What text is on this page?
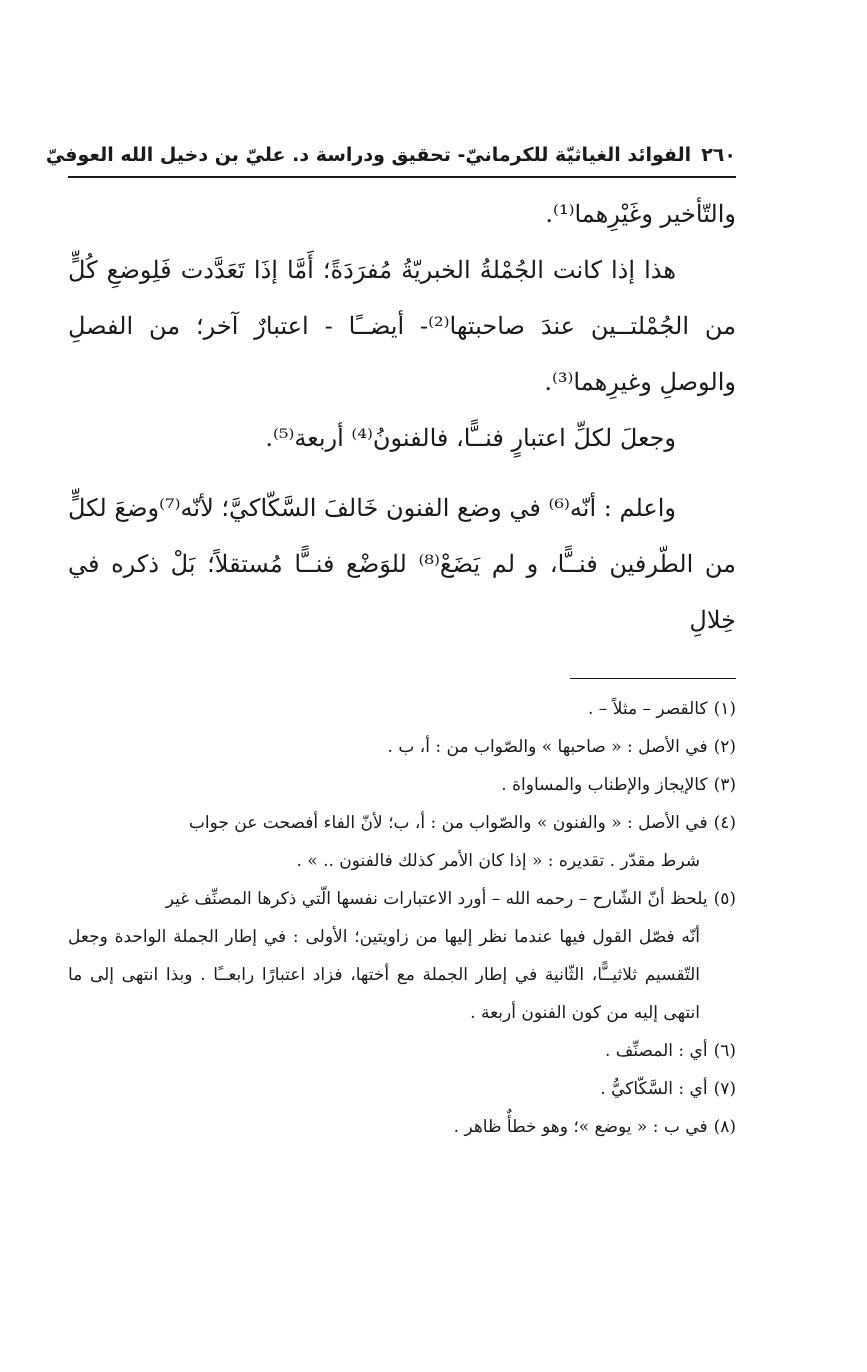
٢٦٠
الفوائد الغياثيّة للكرمانيّ- تحقيق ودراسة د. عليّ بن دخيل الله العوفيّ

والتّأخير وغَيْرِهما⁽¹⁾.

هذا إذا كانت الجُمْلةُ الخبريّةُ مُفرَدَةً؛ أَمَّا إذَا تَعَدَّدت فَلِوضعِ كُلٍّ من الجُمْلتــين عندَ صاحبتها⁽²⁾- أيضــًا - اعتبارٌ آخر؛ من الفصلِ والوصلِ وغيرِهما⁽³⁾.

وجعلَ لكلِّ اعتبارٍ فنــًّا، فالفنونُ⁽⁴⁾ أربعة⁽⁵⁾.

واعلم : أنّه⁽⁶⁾ في وضع الفنون خَالفَ السَّكّاكيَّ؛ لأنّه⁽⁷⁾وضعَ لكلٍّ من الطّرفين فنــًّا، و لم يَضَعْ⁽⁸⁾ للوَضْع فنــًّا مُستقلاً؛ بَلْ ذكره في خِلالِ

(١)كالقصر – مثلاً – .

(٢)في الأصل : « صاحبها » والصّواب من : أ، ب .

(٣)كالإيجاز والإطناب والمساواة .

(٤)في الأصل : « والفنون » والصّواب من : أ، ب؛ لأنّ الفاء أفصحت عن جواب

شرط مقدّر . تقديره : « إذا كان الأمر كذلك فالفنون .. » .

(٥)يلحظ أنّ الشّارح – رحمه الله – أورد الاعتبارات نفسها الّتي ذكرها المصنِّف غير

أنّه فصّل القول فيها عندما نظر إليها من زاويتين؛ الأولى : في إطار الجملة الواحدة وجعل التّقسيم ثلاثيــًّا، الثّانية في إطار الجملة مع أختها، فزاد اعتبارًا رابعــًا . وبذا انتهى إلى ما انتهى إليه من كون الفنون أربعة .

(٦)أي : المصنِّف .

(٧)أي : السَّكّاكيُّ .

(٨)في ب : « يوضع »؛ وهو خطأٌ ظاهر .
